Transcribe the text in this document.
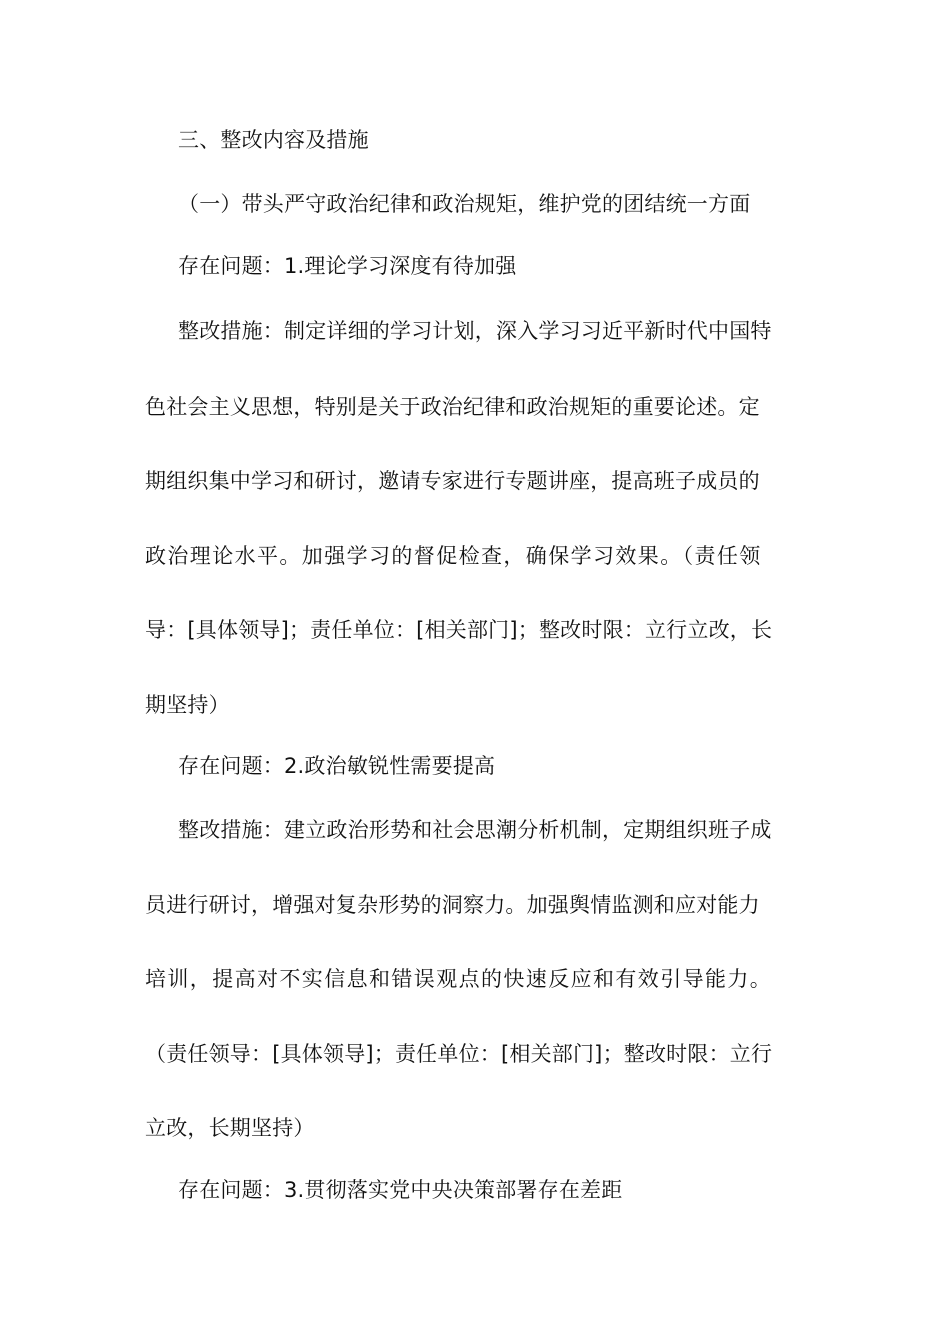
三、整改内容及措施
（一）带头严守政治纪律和政治规矩，维护党的团结统一方面
存在问题：1.理论学习深度有待加强
整改措施：制定详细的学习计划，深入学习习近平新时代中国特
色社会主义思想，特别是关于政治纪律和政治规矩的重要论述。定
期组织集中学习和研讨，邀请专家进行专题讲座，提高班子成员的
政治理论水平。加强学习的督促检查，确保学习效果。（责任领
导：[具体领导]；责任单位：[相关部门]；整改时限：立行立改，长
期坚持）
存在问题：2.政治敏锐性需要提高
整改措施：建立政治形势和社会思潮分析机制，定期组织班子成
员进行研讨，增强对复杂形势的洞察力。加强舆情监测和应对能力
培训，提高对不实信息和错误观点的快速反应和有效引导能力。
（责任领导：[具体领导]；责任单位：[相关部门]；整改时限：立行
立改，长期坚持）
存在问题：3.贯彻落实党中央决策部署存在差距
